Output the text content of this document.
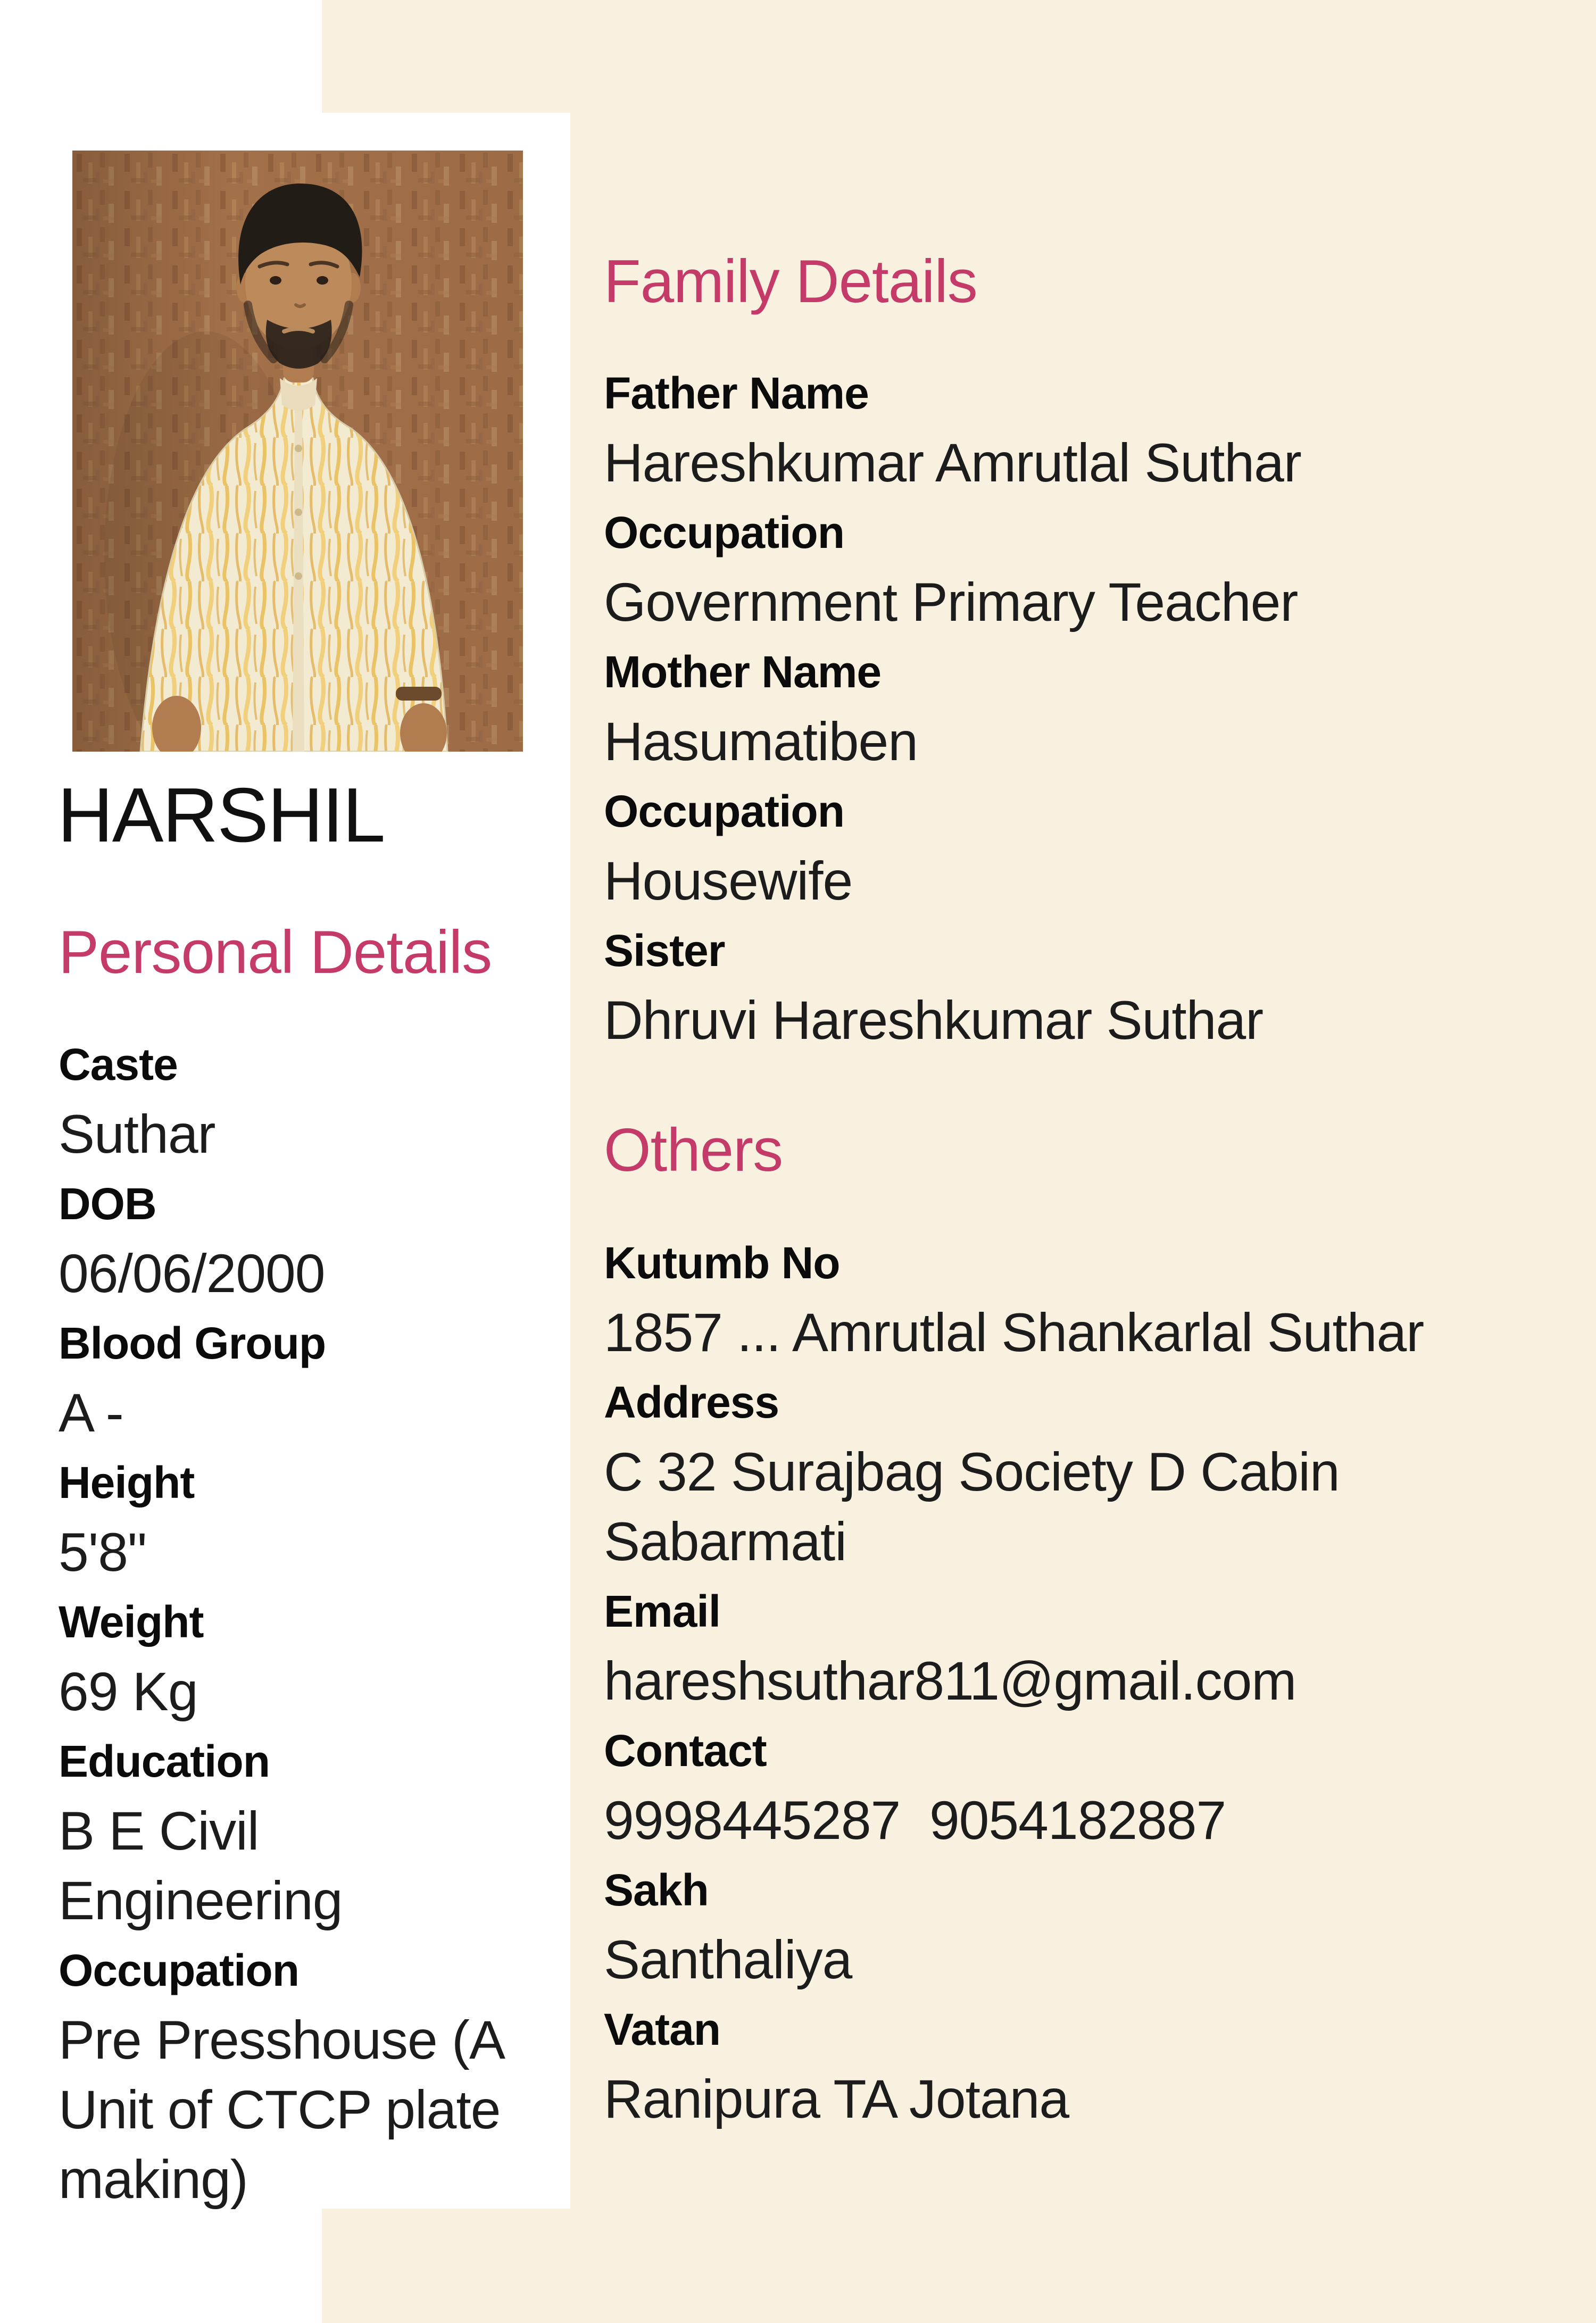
HARSHIL
Personal Details
Caste
Suthar
DOB
06/06/2000
Blood Group
A -
Height
5'8"
Weight
69 Kg
Education
B E Civil Engineering
Occupation
Pre Presshouse (A Unit of CTCP plate making)
Family Details
Father Name
Hareshkumar Amrutlal Suthar
Occupation
Government Primary Teacher
Mother Name
Hasumatiben
Occupation
Housewife
Sister
Dhruvi Hareshkumar Suthar
Others
Kutumb No
1857 ... Amrutlal Shankarlal Suthar
Address
C 32 Surajbag Society D Cabin Sabarmati
Email
hareshsuthar811@gmail.com
Contact
9998445287  9054182887
Sakh
Santhaliya
Vatan
Ranipura TA Jotana
